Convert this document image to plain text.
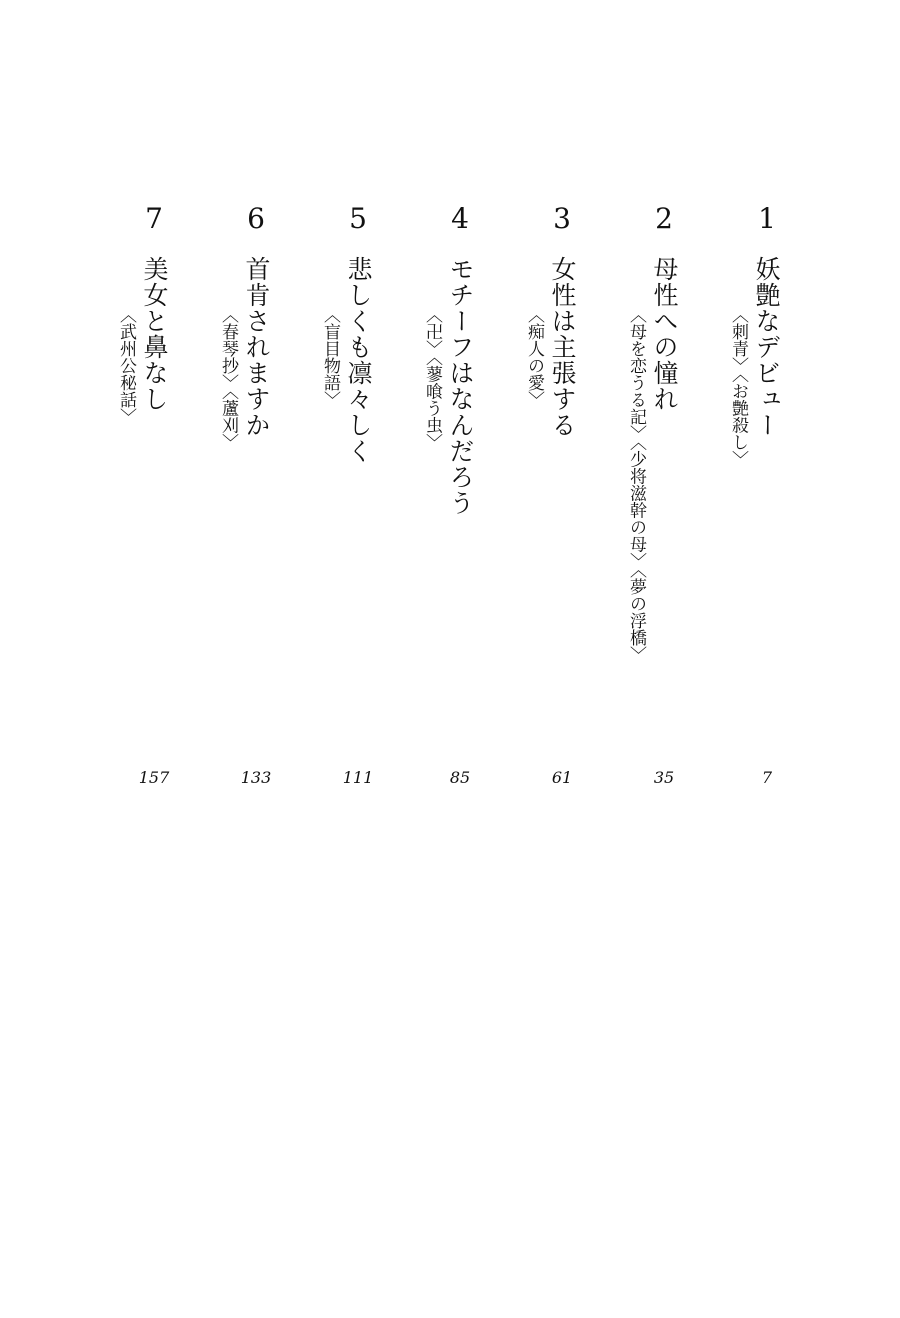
1
妖艶なデビュー
〈刺青〉〈お艶殺し〉
7
2
母性への憧れ
〈母を恋うる記〉〈少将滋幹の母〉〈夢の浮橋〉
35
3
女性は主張する
〈痴人の愛〉
61
4
モチーフはなんだろう
〈卍〉〈蓼喰う虫〉
85
5
悲しくも凛々しく
〈盲目物語〉
111
6
首肯されますか
〈春琴抄〉〈蘆刈〉
133
7
美女と鼻なし
〈武州公秘話〉
157
